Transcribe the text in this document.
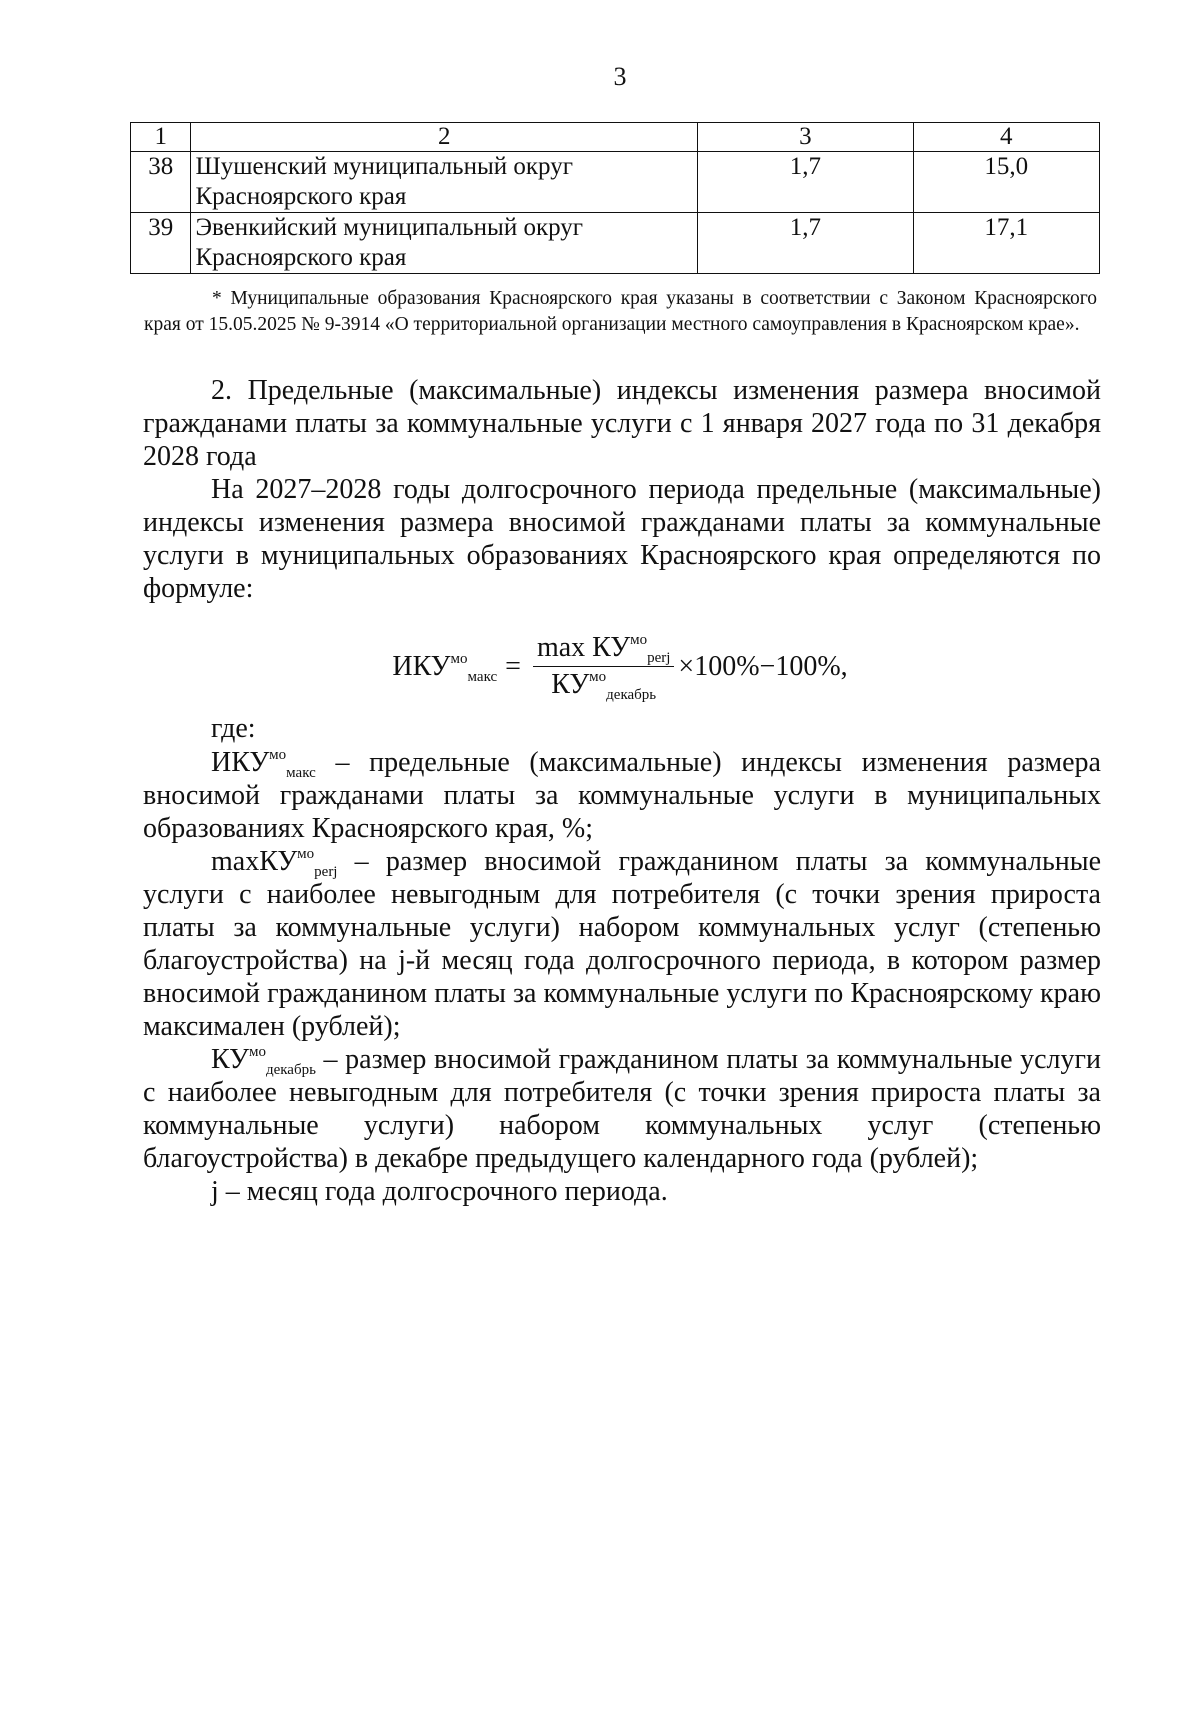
3
1	2	3	4
38	Шушенский муниципальный округ
Красноярского края	1,7	15,0
39	Эвенкийский муниципальный округ
Красноярского края	1,7	17,1
* Муниципальные образования Красноярского края указаны в соответствии с Законом Красноярского края от 15.05.2025 № 9-3914 «О территориальной организации местного самоуправления в Красноярском крае».
2. Предельные (максимальные) индексы изменения размера вносимой гражданами платы за коммунальные услуги с 1 января 2027 года по 31 декабря 2028 года
На 2027–2028 годы долгосрочного периода предельные (максимальные) индексы изменения размера вносимой гражданами платы за коммунальные услуги в муниципальных образованиях Красноярского края определяются по формуле:
$ИКУ^{мо}_{макс} = \frac{\max КУ^{мо}_{perj}}{КУ^{мо}_{декабрь}} \times 100\%-100\%$,
где:
$ИКУ^{мо}_{макс}$ – предельные (максимальные) индексы изменения размера вносимой гражданами платы за коммунальные услуги в муниципальных образованиях Красноярского края, %;
maxКУ$^{мо}_{perj}$ – размер вносимой гражданином платы за коммунальные услуги с наиболее невыгодным для потребителя (с точки зрения прироста платы за коммунальные услуги) набором коммунальных услуг (степенью благоустройства) на j-й месяц года долгосрочного периода, в котором размер вносимой гражданином платы за коммунальные услуги по Красноярскому краю максимален (рублей);
$КУ^{мо}_{декабрь}$ – размер вносимой гражданином платы за коммунальные услуги с наиболее невыгодным для потребителя (с точки зрения прироста платы за коммунальные услуги) набором коммунальных услуг (степенью благоустройства) в декабре предыдущего календарного года (рублей);
j – месяц года долгосрочного периода.
